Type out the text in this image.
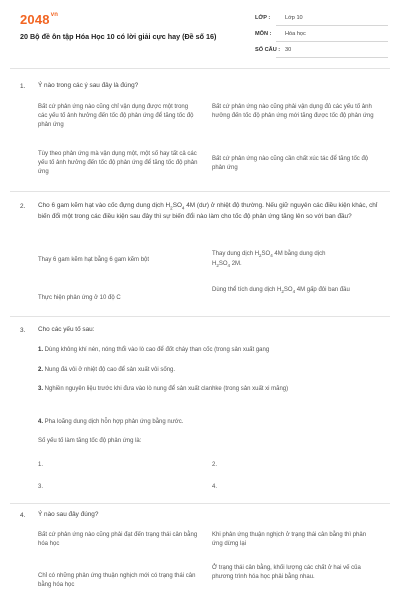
$2048^{vn}$
20 Bộ đề ôn tập Hóa Học 10 có lời giải cực hay (Đề số 16)
LỚP :	Lớp 10
MÔN :	Hóa học
SỐ CÂU : 30
1. Ý nào trong các ý sau đây là đúng?
Bất cứ phản ứng nào cũng chỉ vận dụng được một trong các yếu tố ảnh hưởng đến tốc độ phản ứng để tăng tốc độ phản ứng
Bất cứ phản ứng nào cũng phải vận dụng đủ các yếu tố ảnh hưởng đến tốc độ phản ứng mới tăng được tốc độ phản ứng
Tùy theo phản ứng mà vận dụng một, một số hay tất cả các yếu tố ảnh hưởng đến tốc độ phản ứng để tăng tốc độ phản ứng
Bất cứ phản ứng nào cũng cần chất xúc tác để tăng tốc độ phản ứng
2. Cho 6 gam kẽm hạt vào cốc đựng dung dịch $H_2SO_4$ 4M (dư) ở nhiệt độ thường. Nếu giữ nguyên các điều kiện khác, chỉ biến đổi một trong các điều kiện sau đây thì sự biến đổi nào làm cho tốc độ phản ứng tăng lên so với ban đầu?
Thay 6 gam kẽm hạt bằng 6 gam kẽm bột
Thay dung dịch $H_2SO_4$ 4M bằng dung dịch
$H_2SO_4$ 2M.
Thực hiện phản ứng ở 10 độ C
Dùng thể tích dung dịch $H_2SO_4$ 4M gấp đôi ban đầu
3. Cho các yếu tố sau:
1. Dùng không khí nén, nóng thổi vào lò cao để đốt cháy than cốc (trong sản xuất gang
2. Nung đá vôi ở nhiệt độ cao để sản xuất vôi sống.
3. Nghiền nguyên liệu trước khi đưa vào lò nung để sản xuất clanhke (trong sản xuất xi măng)
4. Pha loãng dung dịch hỗn hợp phản ứng bằng nước.
Số yếu tố làm tăng tốc độ phản ứng là:
1.	2.
3.	4.
4. Ý nào sau đây đúng?
Bất cứ phản ứng nào cũng phải đạt đến trạng thái cân bằng hóa học
Khi phản ứng thuận nghịch ở trạng thái cân bằng thì phản ứng dừng lại
Chỉ có những phản ứng thuận nghịch mới có trạng thái cân bằng hóa học
Ở trạng thái cân bằng, khối lượng các chất ở hai vế của phương trình hóa học phải bằng nhau.
